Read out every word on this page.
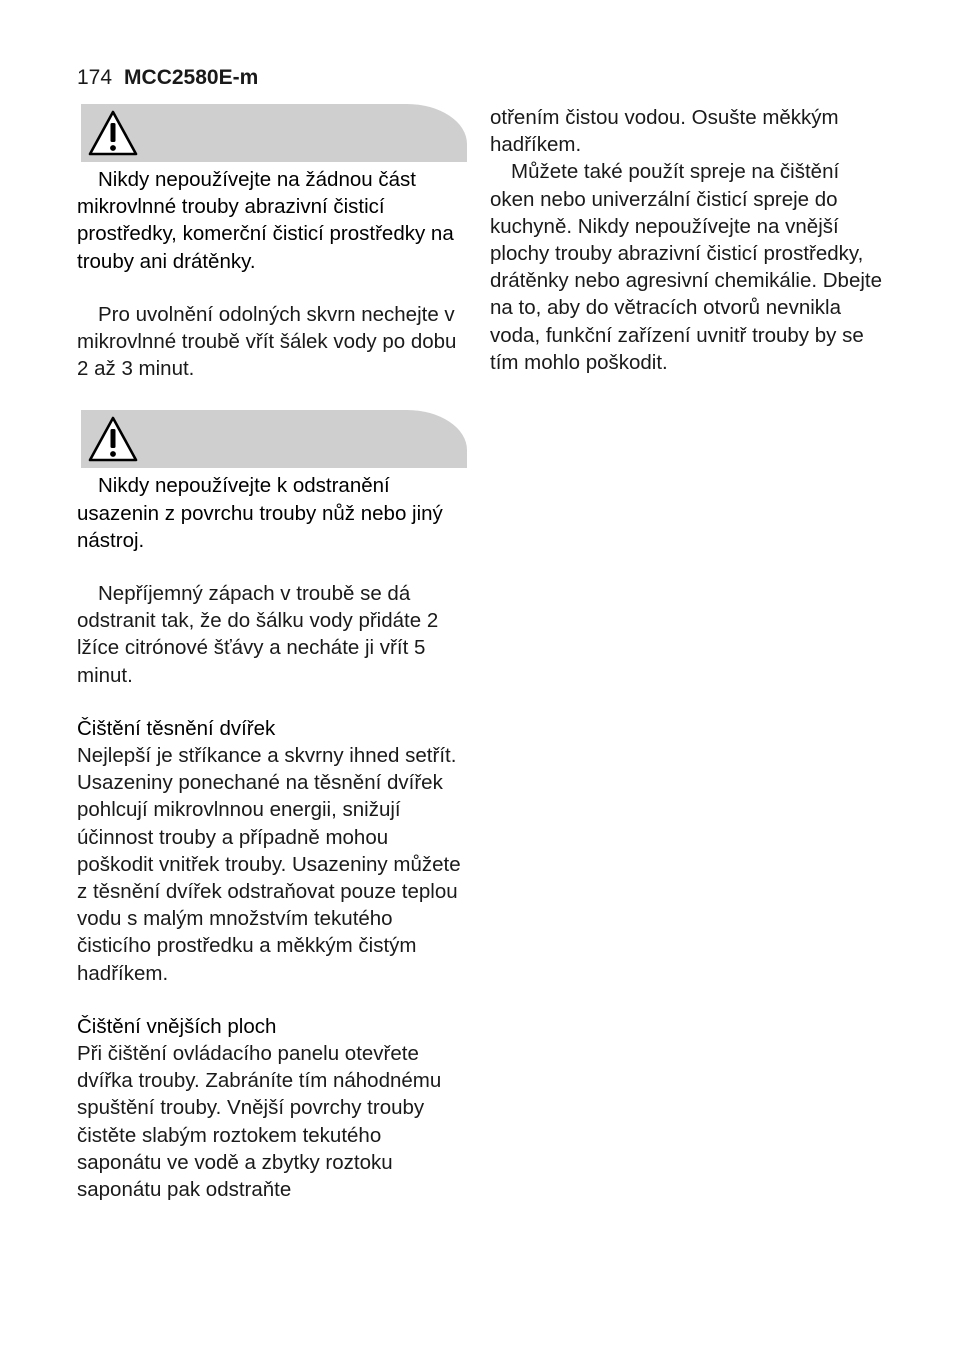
174 MCC2580E-m

Nikdy nepoužívejte na žádnou část mikrovlnné trouby abrazivní čisticí prostředky, komerční čisticí prostředky na trouby ani drátěnky.

Pro uvolnění odolných skvrn nechejte v mikrovlnné troubě vřít šálek vody po dobu 2 až 3 minut.

Nikdy nepoužívejte k odstranění usazenin z povrchu trouby nůž nebo jiný nástroj.

Nepříjemný zápach v troubě se dá odstranit tak, že do šálku vody přidáte 2 lžíce citrónové šťávy a necháte ji vřít 5 minut.

Čištění těsnění dvířek

Nejlepší je stříkance a skvrny ihned setřít. Usazeniny ponechané na těsnění dvířek pohlcují mikrovlnnou energii, snižují účinnost trouby a případně mohou poškodit vnitřek trouby. Usazeniny můžete z těsnění dvířek odstraňovat pouze teplou vodu s malým množstvím tekutého čisticího prostředku a měkkým čistým hadříkem.

Čištění vnějších ploch

Při čištění ovládacího panelu otevřete dvířka trouby. Zabráníte tím náhodnému spuštění trouby. Vnější povrchy trouby čistěte slabým roztokem tekutého saponátu ve vodě a zbytky roztoku saponátu pak odstraňte

otřením čistou vodou. Osušte měkkým hadříkem.

Můžete také použít spreje na čištění oken nebo univerzální čisticí spreje do kuchyně. Nikdy nepoužívejte na vnější plochy trouby abrazivní čisticí prostředky, drátěnky nebo agresivní chemikálie. Dbejte na to, aby do větracích otvorů nevnikla voda, funkční zařízení uvnitř trouby by se tím mohlo poškodit.
